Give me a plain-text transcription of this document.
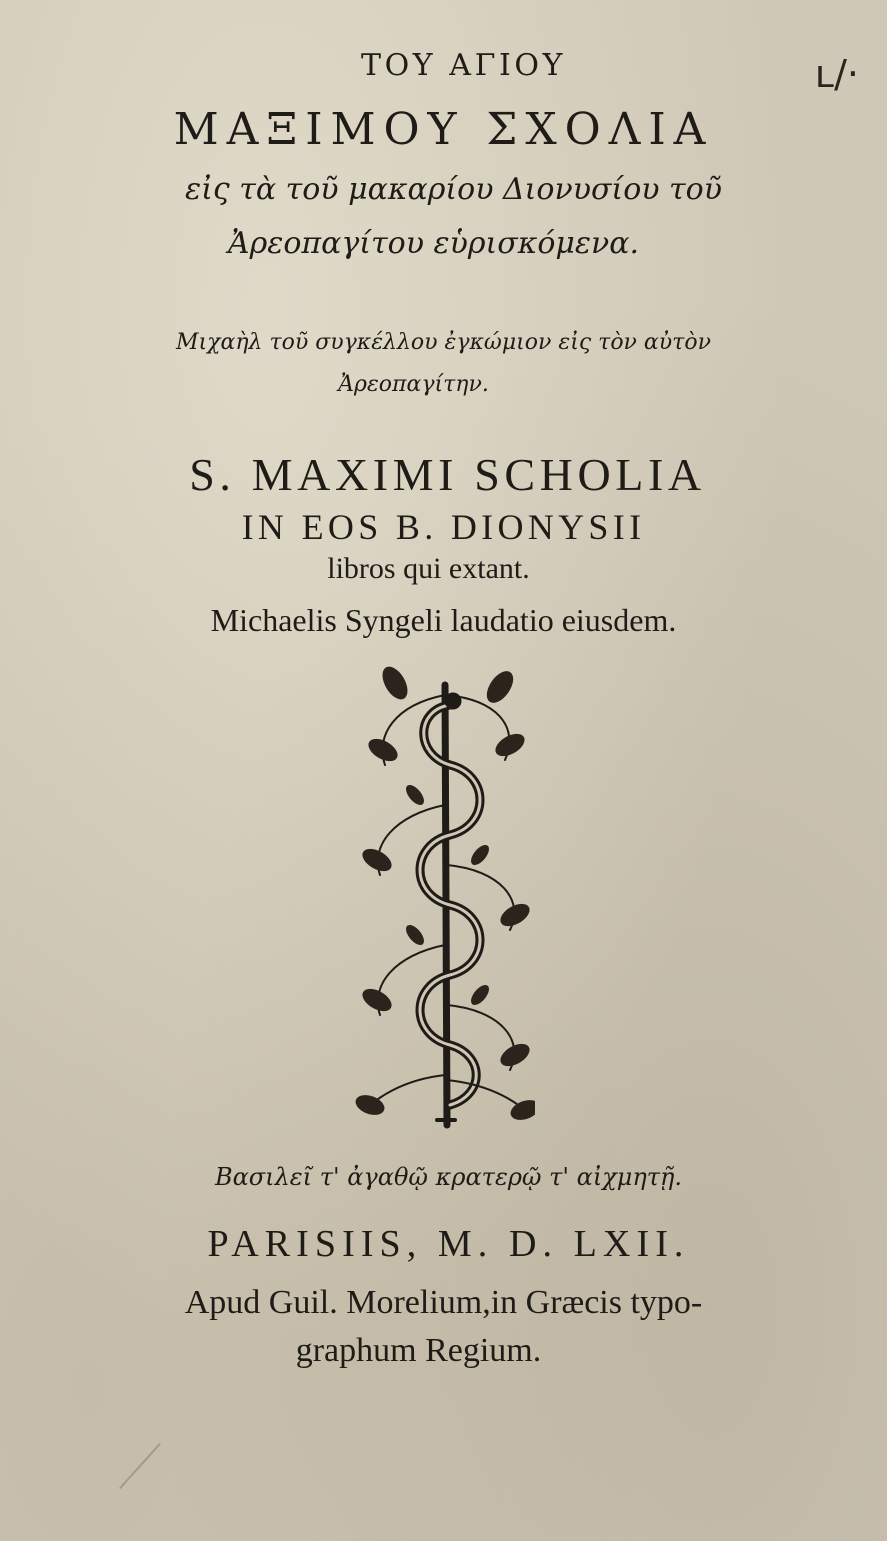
ʟ/·
ΤΟΥ ΑΓΙΟΥ
ΜΑΞΙΜΟΥ ΣΧΟΛΙΑ
εἰς τὰ τοῦ μακαρίου Διονυσίου τοῦ
Ἀρεοπαγίτου εὑρισκόμενα.
Μιχαὴλ τοῦ συγκέλλου ἐγκώμιον εἰς τὸν αὐτὸν
Ἀρεοπαγίτην.
S. MAXIMI SCHOLIA
IN EOS B. DIONYSII
libros qui extant.
Michaelis Syngeli laudatio eiusdem.
Βασιλεῖ τ' ἀγαθῷ κρατερῷ τ' αἰχμητῇ.
PARISIIS, M. D. LXII.
Apud Guil. Morelium,in Græcis typo-
graphum Regium.
